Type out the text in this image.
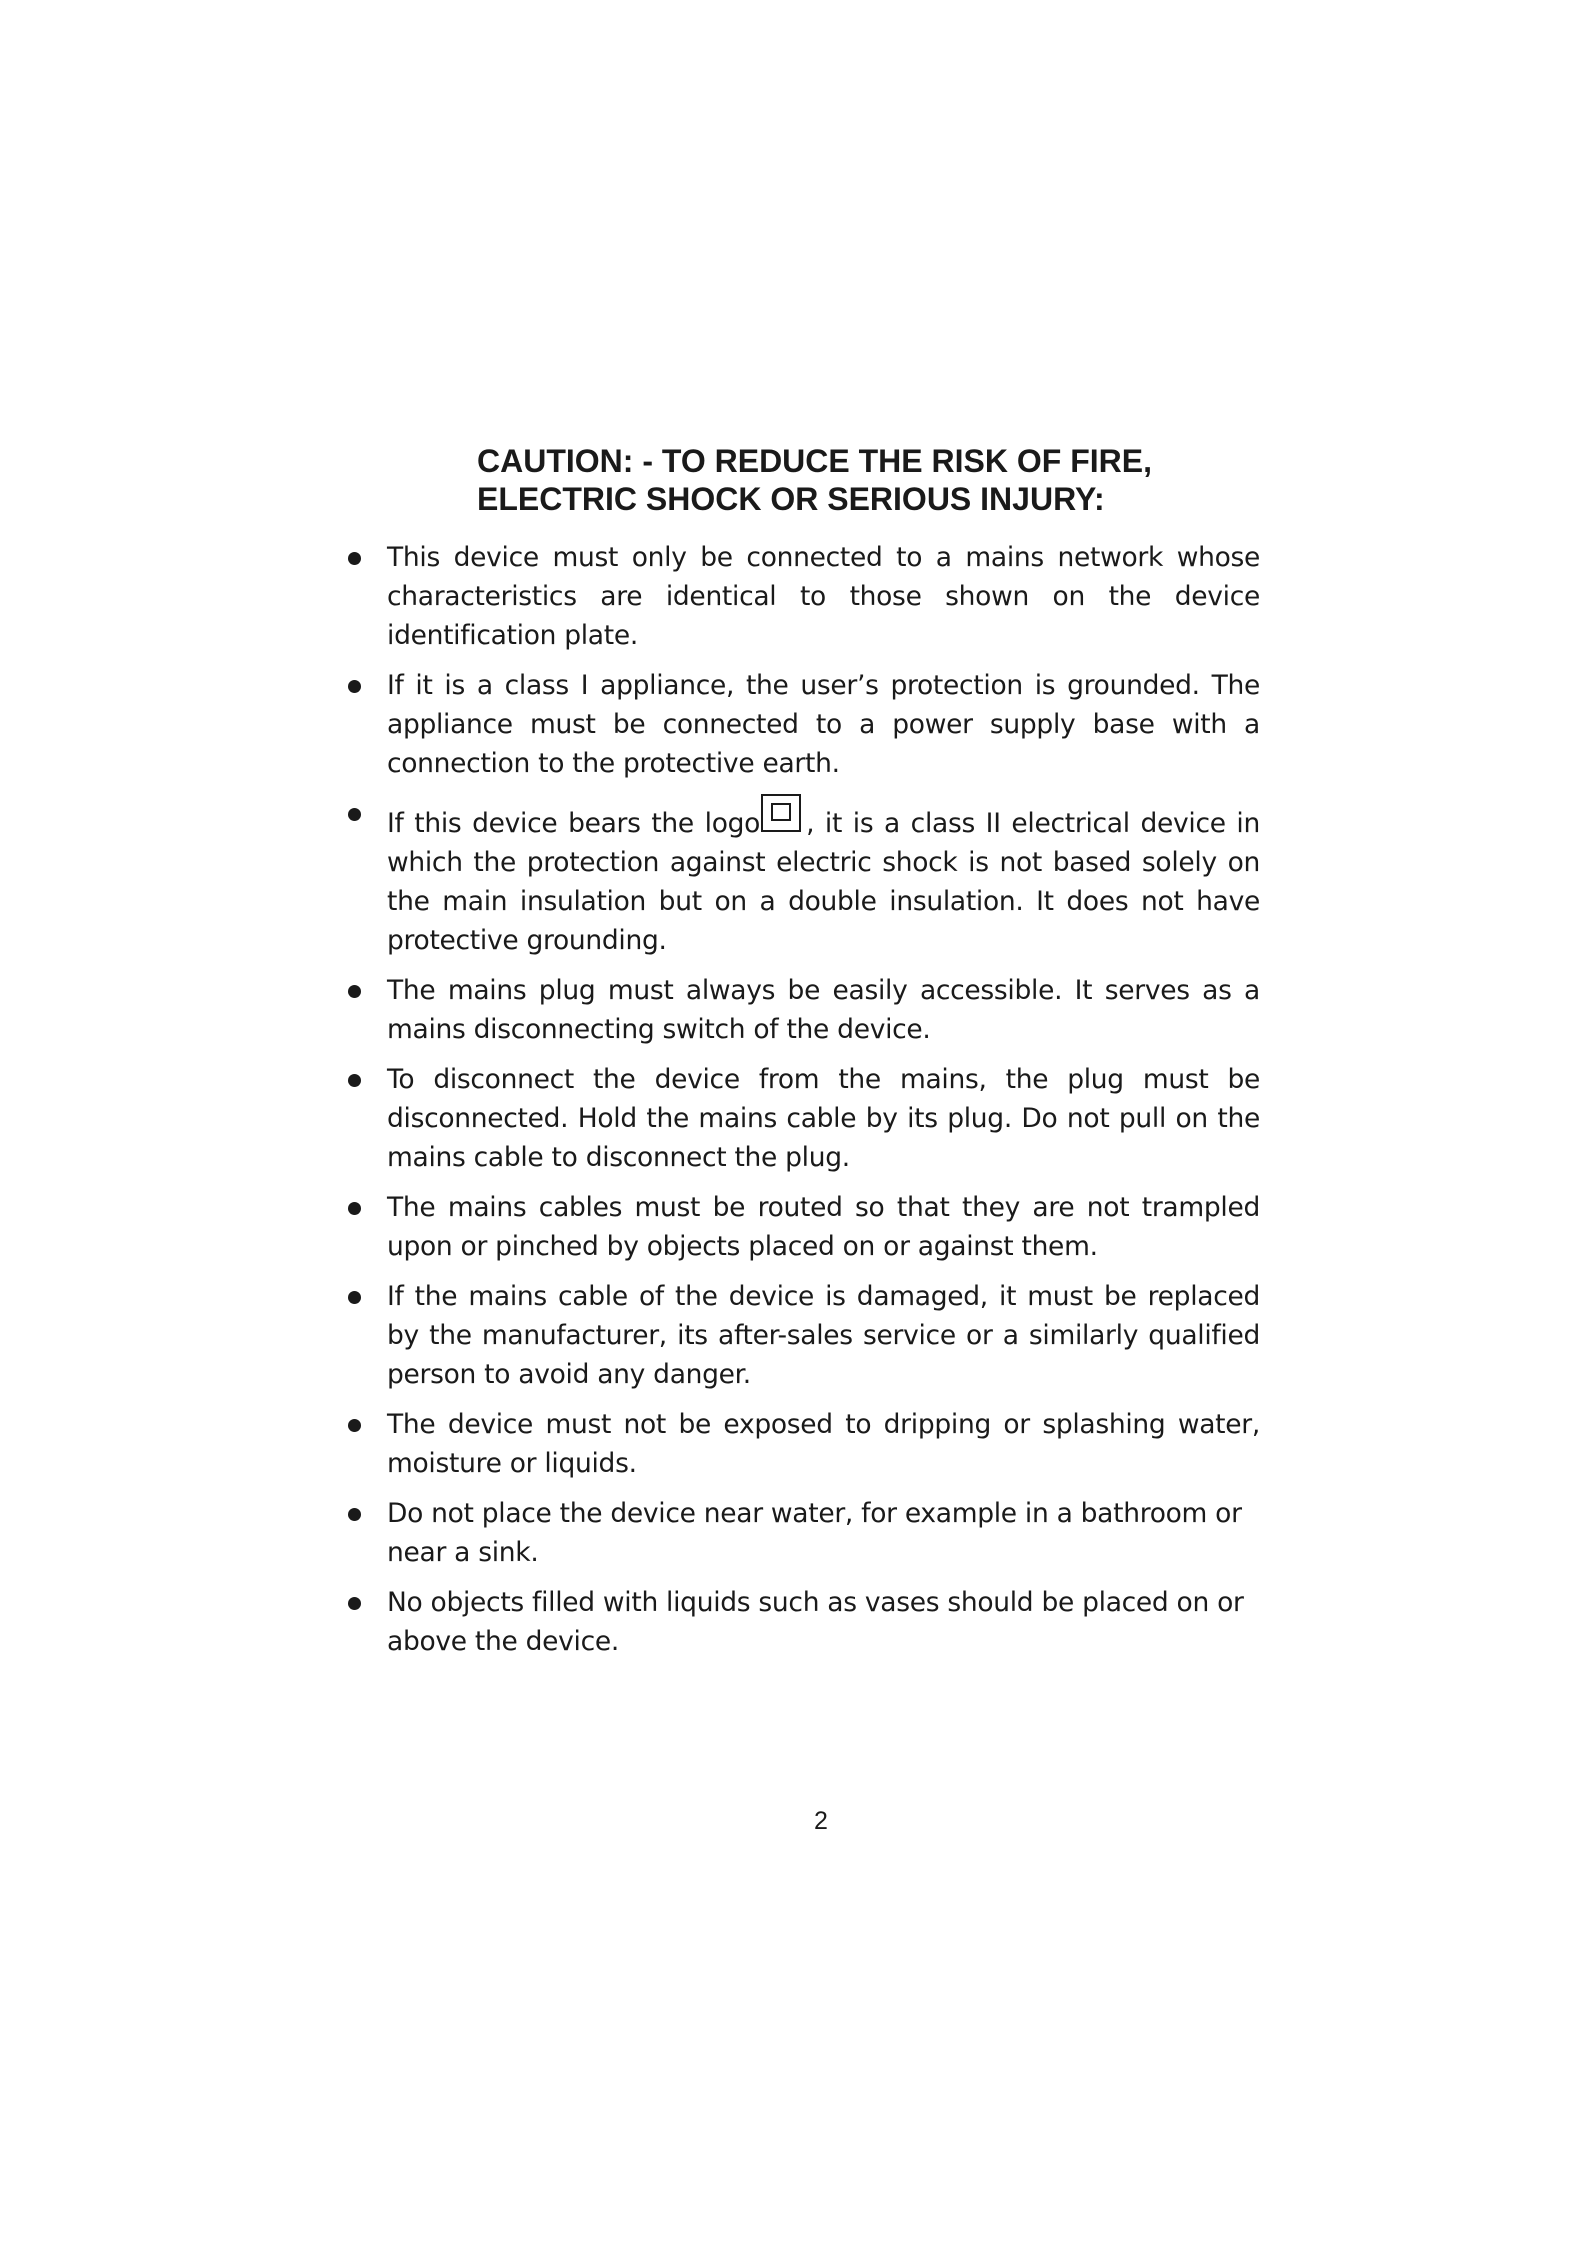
CAUTION: - TO REDUCE THE RISK OF FIRE,
ELECTRIC SHOCK OR SERIOUS INJURY:
This device must only be connected to a mains network whose characteristics are identical to those shown on the device identification plate.
If it is a class I appliance, the user’s protection is grounded. The appliance must be connected to a power supply base with a connection to the protective earth.
If this device bears the logo , it is a class II electrical device in which the protection against electric shock is not based solely on the main insulation but on a double insulation. It does not have protective grounding.
The mains plug must always be easily accessible. It serves as a mains disconnecting switch of the device.
To disconnect the device from the mains, the plug must be disconnected. Hold the mains cable by its plug. Do not pull on the mains cable to disconnect the plug.
The mains cables must be routed so that they are not trampled upon or pinched by objects placed on or against them.
If the mains cable of the device is damaged, it must be replaced by the manufacturer, its after-sales service or a similarly qualified person to avoid any danger.
The device must not be exposed to dripping or splashing water, moisture or liquids.
Do not place the device near water, for example in a bathroom or near a sink.
No objects filled with liquids such as vases should be placed on or above the device.
2
